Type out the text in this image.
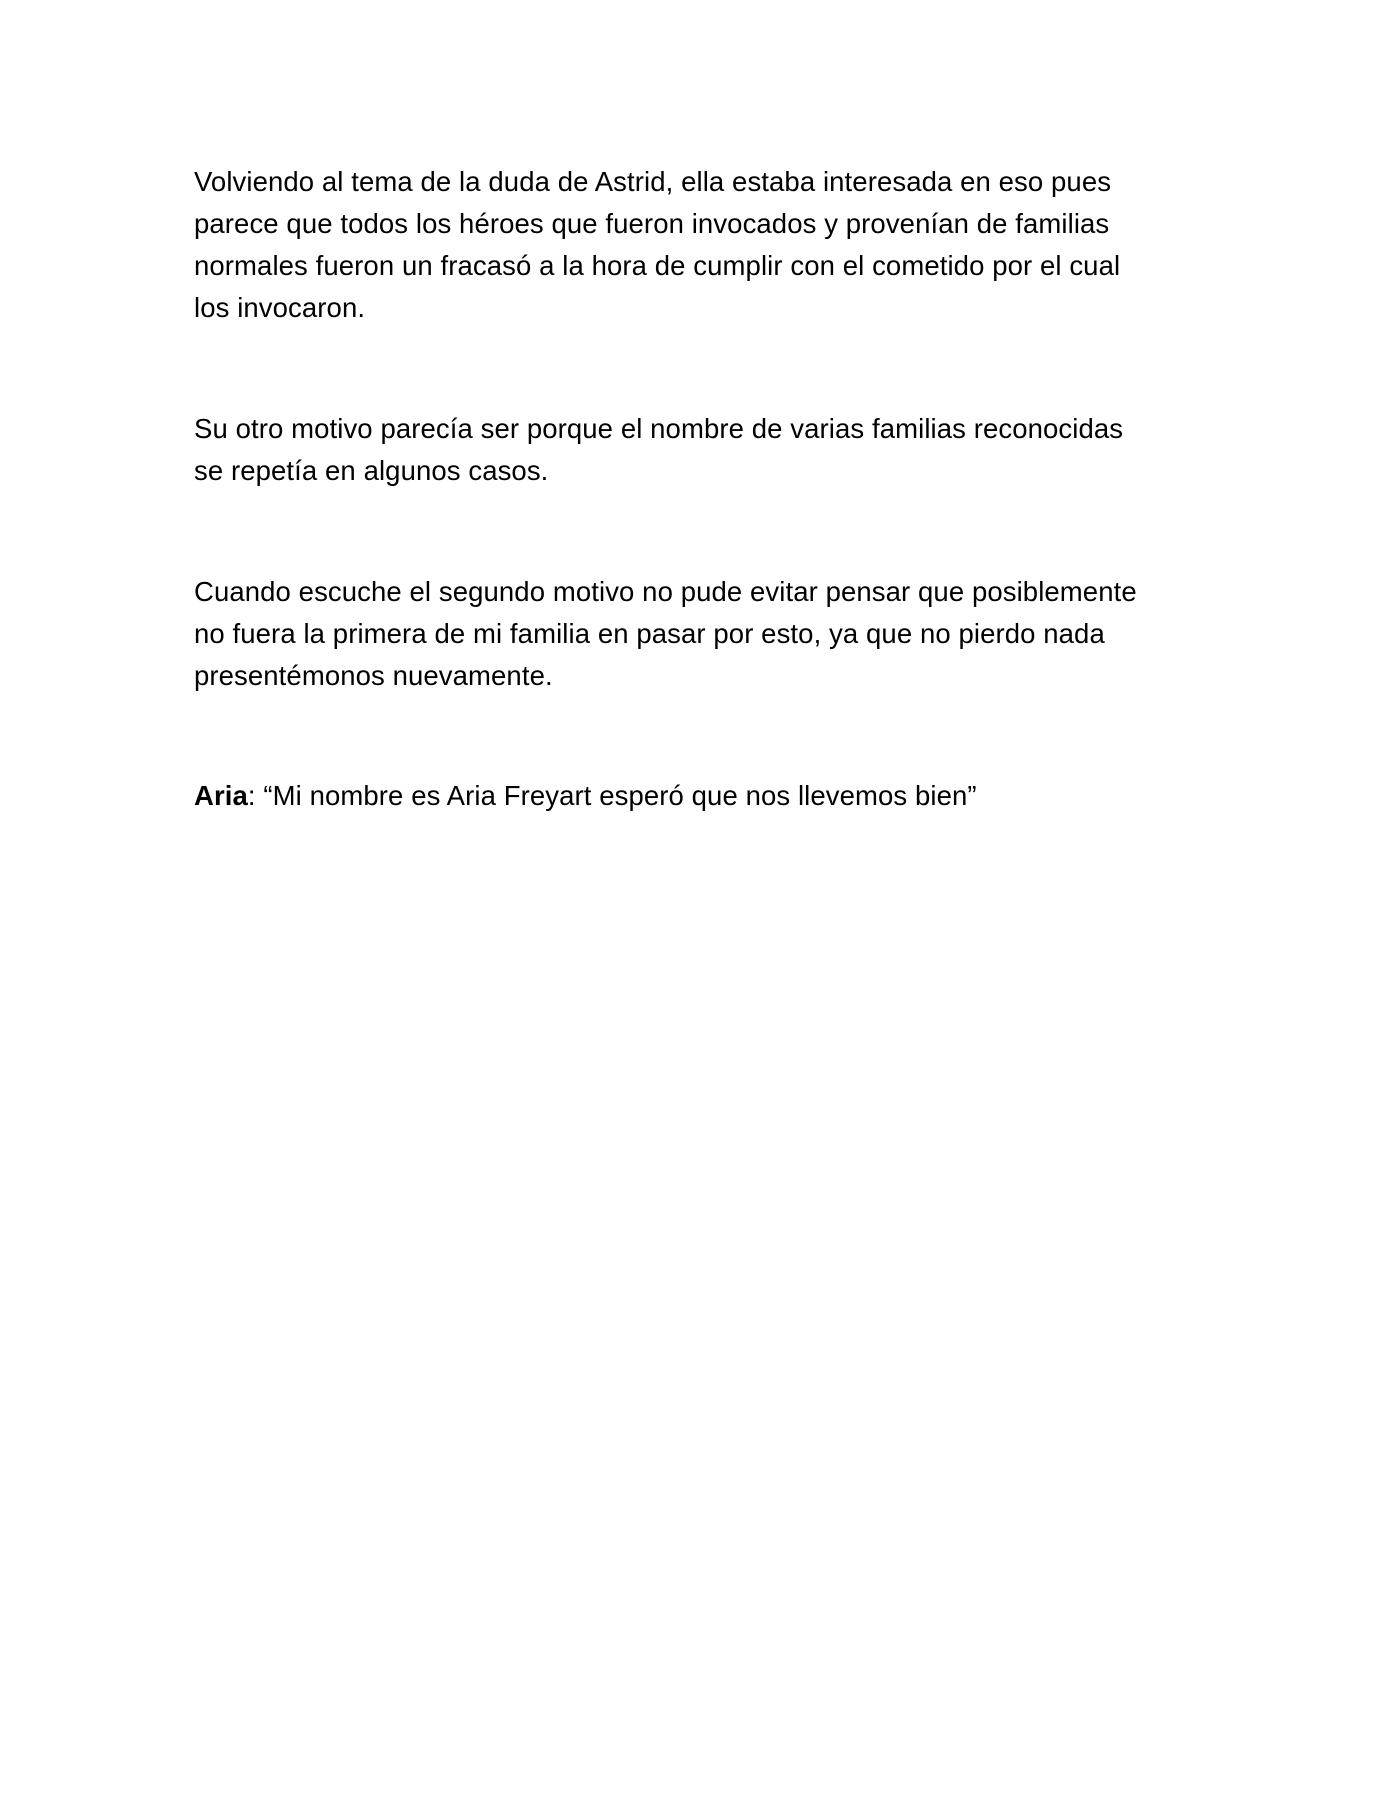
Volviendo al tema de la duda de Astrid, ella estaba interesada en eso pues
parece que todos los héroes que fueron invocados y provenían de familias
normales fueron un fracasó a la hora de cumplir con el cometido por el cual
los invocaron.
Su otro motivo parecía ser porque el nombre de varias familias reconocidas
se repetía en algunos casos.
Cuando escuche el segundo motivo no pude evitar pensar que posiblemente
no fuera la primera de mi familia en pasar por esto, ya que no pierdo nada
presentémonos nuevamente.
Aria: “Mi nombre es Aria Freyart esperó que nos llevemos bien”
